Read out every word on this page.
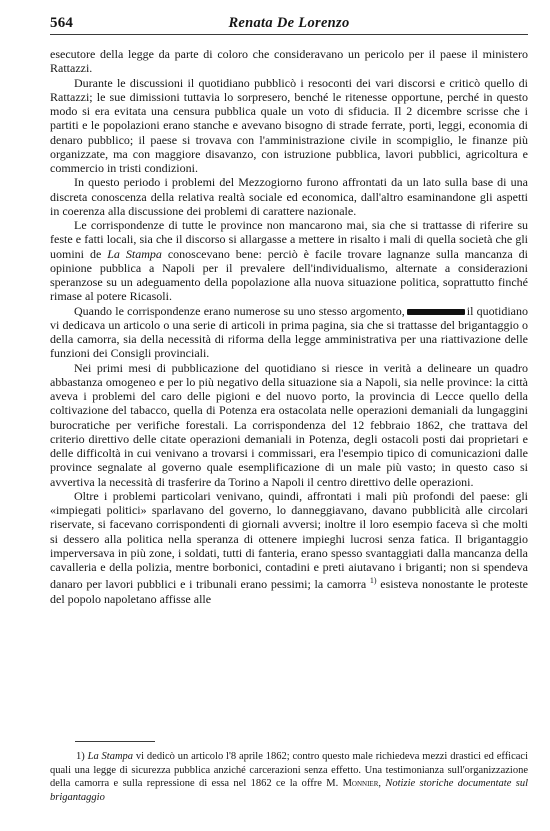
564	Renata De Lorenzo

esecutore della legge da parte di coloro che consideravano un pericolo per il paese il ministero Rattazzi.

Durante le discussioni il quotidiano pubblicò i resoconti dei vari discorsi e criticò quello di Rattazzi; le sue dimissioni tuttavia lo sorpresero, benché le ritenesse opportune, perché in questo modo si era evitata una censura pubblica quale un voto di sfiducia. Il 2 dicembre scrisse che i partiti e le popolazioni erano stanche e avevano bisogno di strade ferrate, porti, leggi, economia di denaro pubblico; il paese si trovava con l'amministrazione civile in scompiglio, le finanze più organizzate, ma con maggiore disavanzo, con istruzione pubblica, lavori pubblici, agricoltura e commercio in tristi condizioni.

In questo periodo i problemi del Mezzogiorno furono affrontati da un lato sulla base di una discreta conoscenza della relativa realtà sociale ed economica, dall'altro esaminandone gli aspetti in coerenza alla discussione dei problemi di carattere nazionale.

Le corrispondenze di tutte le province non mancarono mai, sia che si trattasse di riferire su feste e fatti locali, sia che il discorso si allargasse a mettere in risalto i mali di quella società che gli uomini de La Stampa conoscevano bene: perciò è facile trovare lagnanze sulla mancanza di opinione pubblica a Napoli per il prevalere dell'individualismo, alternate a considerazioni speranzose su un adeguamento della popolazione alla nuova situazione politica, soprattutto finché rimase al potere Ricasoli.

Quando le corrispondenze erano numerose su uno stesso argomento,	il quotidiano vi dedicava un articolo o una serie di articoli in prima pagina, sia che si trattasse del brigantaggio o della camorra, sia della necessità di riforma della legge amministrativa per una riattivazione delle funzioni dei Consigli provinciali.

Nei primi mesi di pubblicazione del quotidiano si riesce in verità a delineare un quadro abbastanza omogeneo e per lo più negativo della situazione sia a Napoli, sia nelle province: la città aveva i problemi del caro delle pigioni e del nuovo porto, la provincia di Lecce quello della coltivazione del tabacco, quella di Potenza era ostacolata nelle operazioni demaniali da lungaggini burocratiche per verifiche forestali. La corrispondenza del 12 febbraio 1862, che trattava del criterio direttivo delle citate operazioni demaniali in Potenza, degli ostacoli posti dai proprietari e delle difficoltà in cui venivano a trovarsi i commissari, era l'esempio tipico di comunicazioni dalle province segnalate al governo quale esemplificazione di un male più vasto; in questo caso si avvertiva la necessità di trasferire da Torino a Napoli il centro direttivo delle operazioni.

Oltre i problemi particolari venivano, quindi, affrontati i mali più profondi del paese: gli «impiegati politici» sparlavano del governo, lo danneggiavano, davano pubblicità alle circolari riservate, si facevano corrispondenti di giornali avversi; inoltre il loro esempio faceva sì che molti si dessero alla politica nella speranza di ottenere impieghi lucrosi senza fatica. Il brigantaggio imperversava in più zone, i soldati, tutti di fanteria, erano spesso svantaggiati dalla mancanza della cavalleria e della polizia, mentre borbonici, contadini e preti aiutavano i briganti; non si spendeva danaro per lavori pubblici e i tribunali erano pessimi; la camorra $^{1)}$ esisteva nonostante le proteste del popolo napoletano affisse alle

1) La Stampa vi dedicò un articolo l'8 aprile 1862; contro questo male richiedeva mezzi drastici ed efficaci quali una legge di sicurezza pubblica anziché carcerazioni senza effetto. Una testimonianza sull'organizzazione della camorra e sulla repressione di essa nel 1862 ce la offre M. Monnier, Notizie storiche documentate sul brigantaggio
